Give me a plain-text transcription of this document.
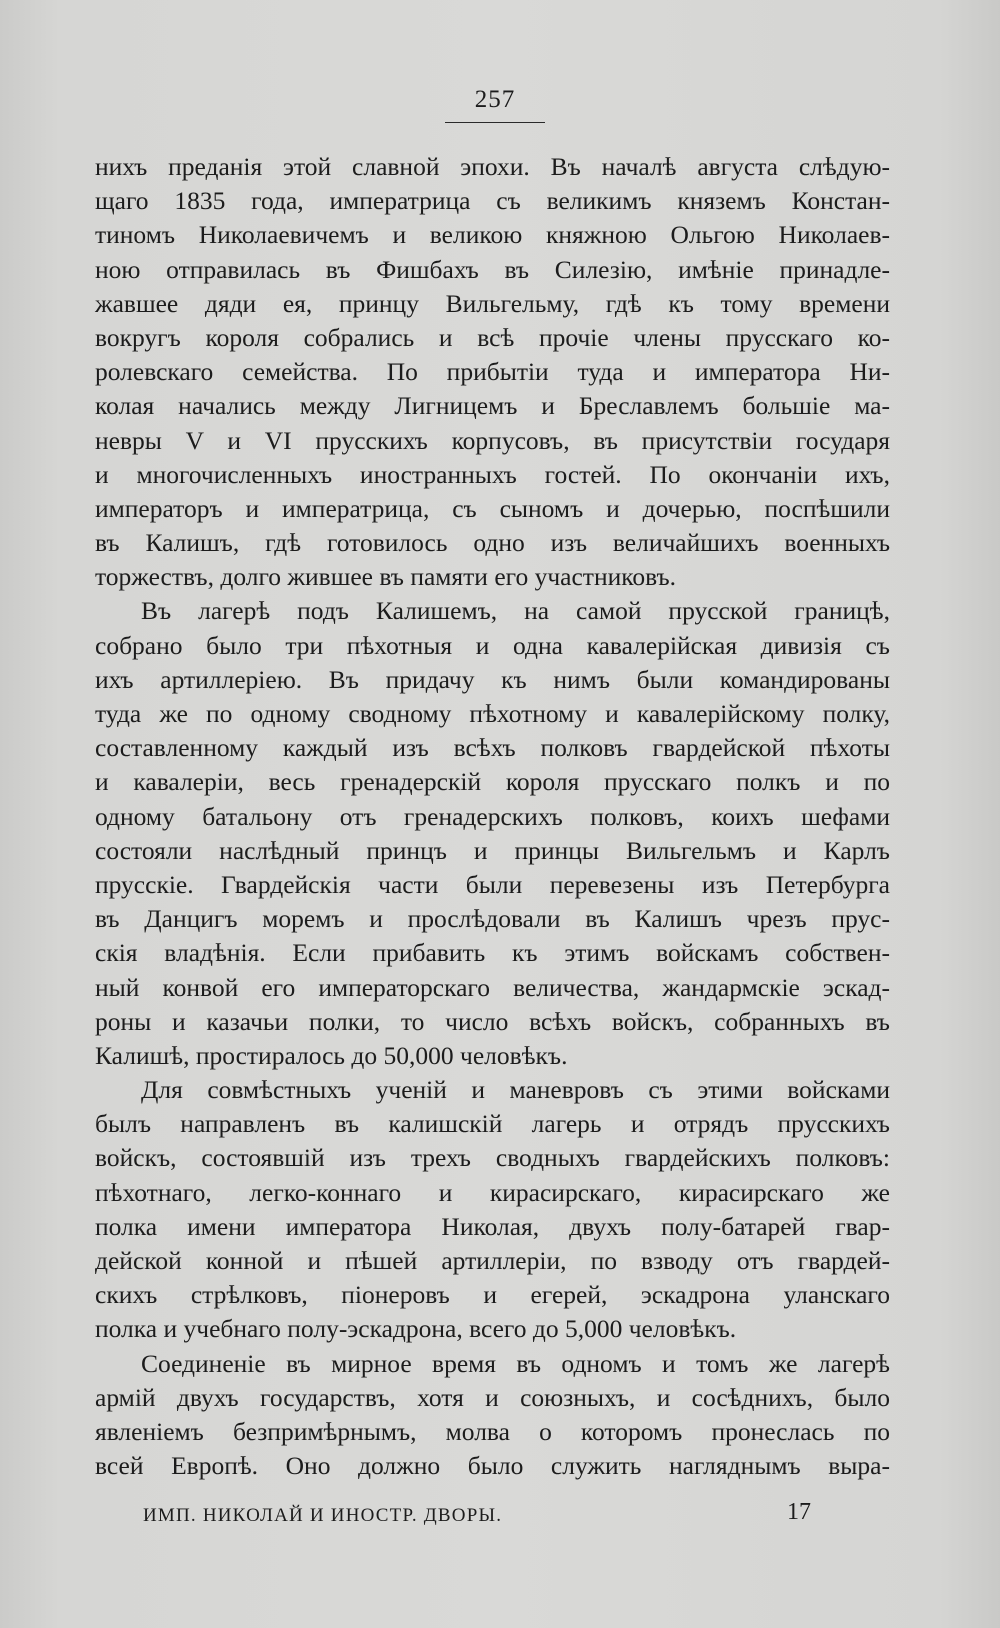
257
нихъ преданія этой славной эпохи. Въ началѣ августа слѣдую-
щаго 1835 года, императрица съ великимъ княземъ Констан-
тиномъ Николаевичемъ и великою княжною Ольгою Николаев-
ною отправилась въ Фишбахъ въ Силезію, имѣніе принадле-
жавшее дяди ея, принцу Вильгельму, гдѣ къ тому времени
вокругъ короля собрались и всѣ прочіе члены прусскаго ко-
ролевскаго семейства. По прибытіи туда и императора Ни-
колая начались между Лигницемъ и Бреславлемъ большіе ма-
невры V и VI прусскихъ корпусовъ, въ присутствіи государя
и многочисленныхъ иностранныхъ гостей. По окончаніи ихъ,
императоръ и императрица, съ сыномъ и дочерью, поспѣшили
въ Калишъ, гдѣ готовилось одно изъ величайшихъ военныхъ
торжествъ, долго жившее въ памяти его участниковъ.
Въ лагерѣ подъ Калишемъ, на самой прусской границѣ,
собрано было три пѣхотныя и одна кавалерійская дивизія съ
ихъ артиллеріею. Въ придачу къ нимъ были командированы
туда же по одному сводному пѣхотному и кавалерійскому полку,
составленному каждый изъ всѣхъ полковъ гвардейской пѣхоты
и кавалеріи, весь гренадерскій короля прусскаго полкъ и по
одному батальону отъ гренадерскихъ полковъ, коихъ шефами
состояли наслѣдный принцъ и принцы Вильгельмъ и Карлъ
прусскіе. Гвардейскія части были перевезены изъ Петербурга
въ Данцигъ моремъ и прослѣдовали въ Калишъ чрезъ прус-
скія владѣнія. Если прибавить къ этимъ войскамъ собствен-
ный конвой его императорскаго величества, жандармскіе эскад-
роны и казачьи полки, то число всѣхъ войскъ, собранныхъ въ
Калишѣ, простиралось до 50,000 человѣкъ.
Для совмѣстныхъ ученій и маневровъ съ этими войсками
былъ направленъ въ калишскій лагерь и отрядъ прусскихъ
войскъ, состоявшій изъ трехъ сводныхъ гвардейскихъ полковъ:
пѣхотнаго, легко-коннаго и кирасирскаго, кирасирскаго же
полка имени императора Николая, двухъ полу-батарей гвар-
дейской конной и пѣшей артиллеріи, по взводу отъ гвардей-
скихъ стрѣлковъ, піонеровъ и егерей, эскадрона уланскаго
полка и учебнаго полу-эскадрона, всего до 5,000 человѣкъ.
Соединеніе въ мирное время въ одномъ и томъ же лагерѣ
армій двухъ государствъ, хотя и союзныхъ, и сосѣднихъ, было
явленіемъ безпримѣрнымъ, молва о которомъ пронеслась по
всей Европѣ. Оно должно было служить нагляднымъ выра-
ИМП. НИКОЛАЙ И ИНОСТР. ДВОРЫ.	17
